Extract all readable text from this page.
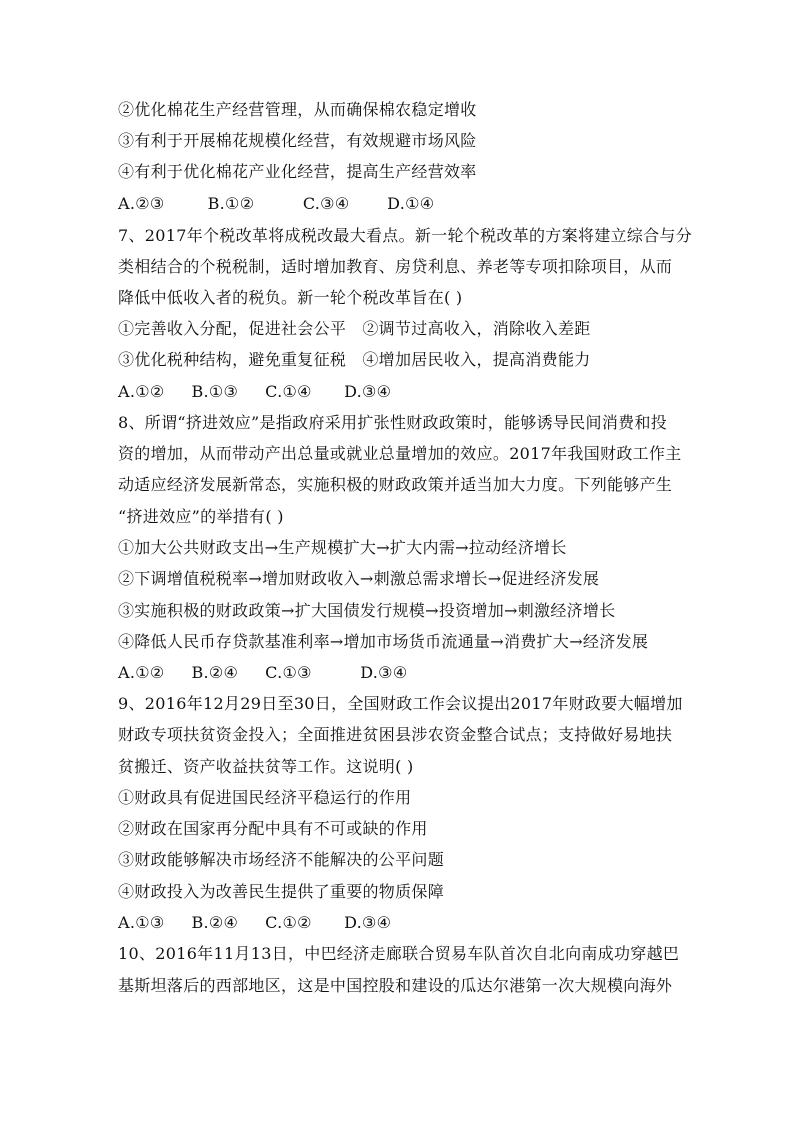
②优化棉花生产经营管理，从而确保棉农稳定增收
③有利于开展棉花规模化经营，有效规避市场风险
④有利于优化棉花产业化经营，提高生产经营效率
A.②③        B.①②         C.③④       D.①④
7、2017年个税改革将成税改最大看点。新一轮个税改革的方案将建立综合与分
类相结合的个税税制，适时增加教育、房贷利息、养老等专项扣除项目，从而
降低中低收入者的税负。新一轮个税改革旨在( )
①完善收入分配，促进社会公平   ②调节过高收入，消除收入差距
③优化税种结构，避免重复征税   ④增加居民收入，提高消费能力
A.①②     B.①③     C.①④      D.③④
8、所谓“挤进效应”是指政府采用扩张性财政政策时，能够诱导民间消费和投
资的增加，从而带动产出总量或就业总量增加的效应。2017年我国财政工作主
动适应经济发展新常态，实施积极的财政政策并适当加大力度。下列能够产生
“挤进效应”的举措有( )
①加大公共财政支出→生产规模扩大→扩大内需→拉动经济增长
②下调增值税税率→增加财政收入→刺激总需求增长→促进经济发展
③实施积极的财政政策→扩大国债发行规模→投资增加→刺激经济增长
④降低人民币存贷款基准利率→增加市场货币流通量→消费扩大→经济发展
A.①②     B.②④     C.①③         D.③④
9、2016年12月29日至30日，全国财政工作会议提出2017年财政要大幅增加
财政专项扶贫资金投入；全面推进贫困县涉农资金整合试点；支持做好易地扶
贫搬迁、资产收益扶贫等工作。这说明( )
①财政具有促进国民经济平稳运行的作用
②财政在国家再分配中具有不可或缺的作用
③财政能够解决市场经济不能解决的公平问题
④财政投入为改善民生提供了重要的物质保障
A.①③     B.②④     C.①②      D.③④
10、2016年11月13日，中巴经济走廊联合贸易车队首次自北向南成功穿越巴
基斯坦落后的西部地区，这是中国控股和建设的瓜达尔港第一次大规模向海外
